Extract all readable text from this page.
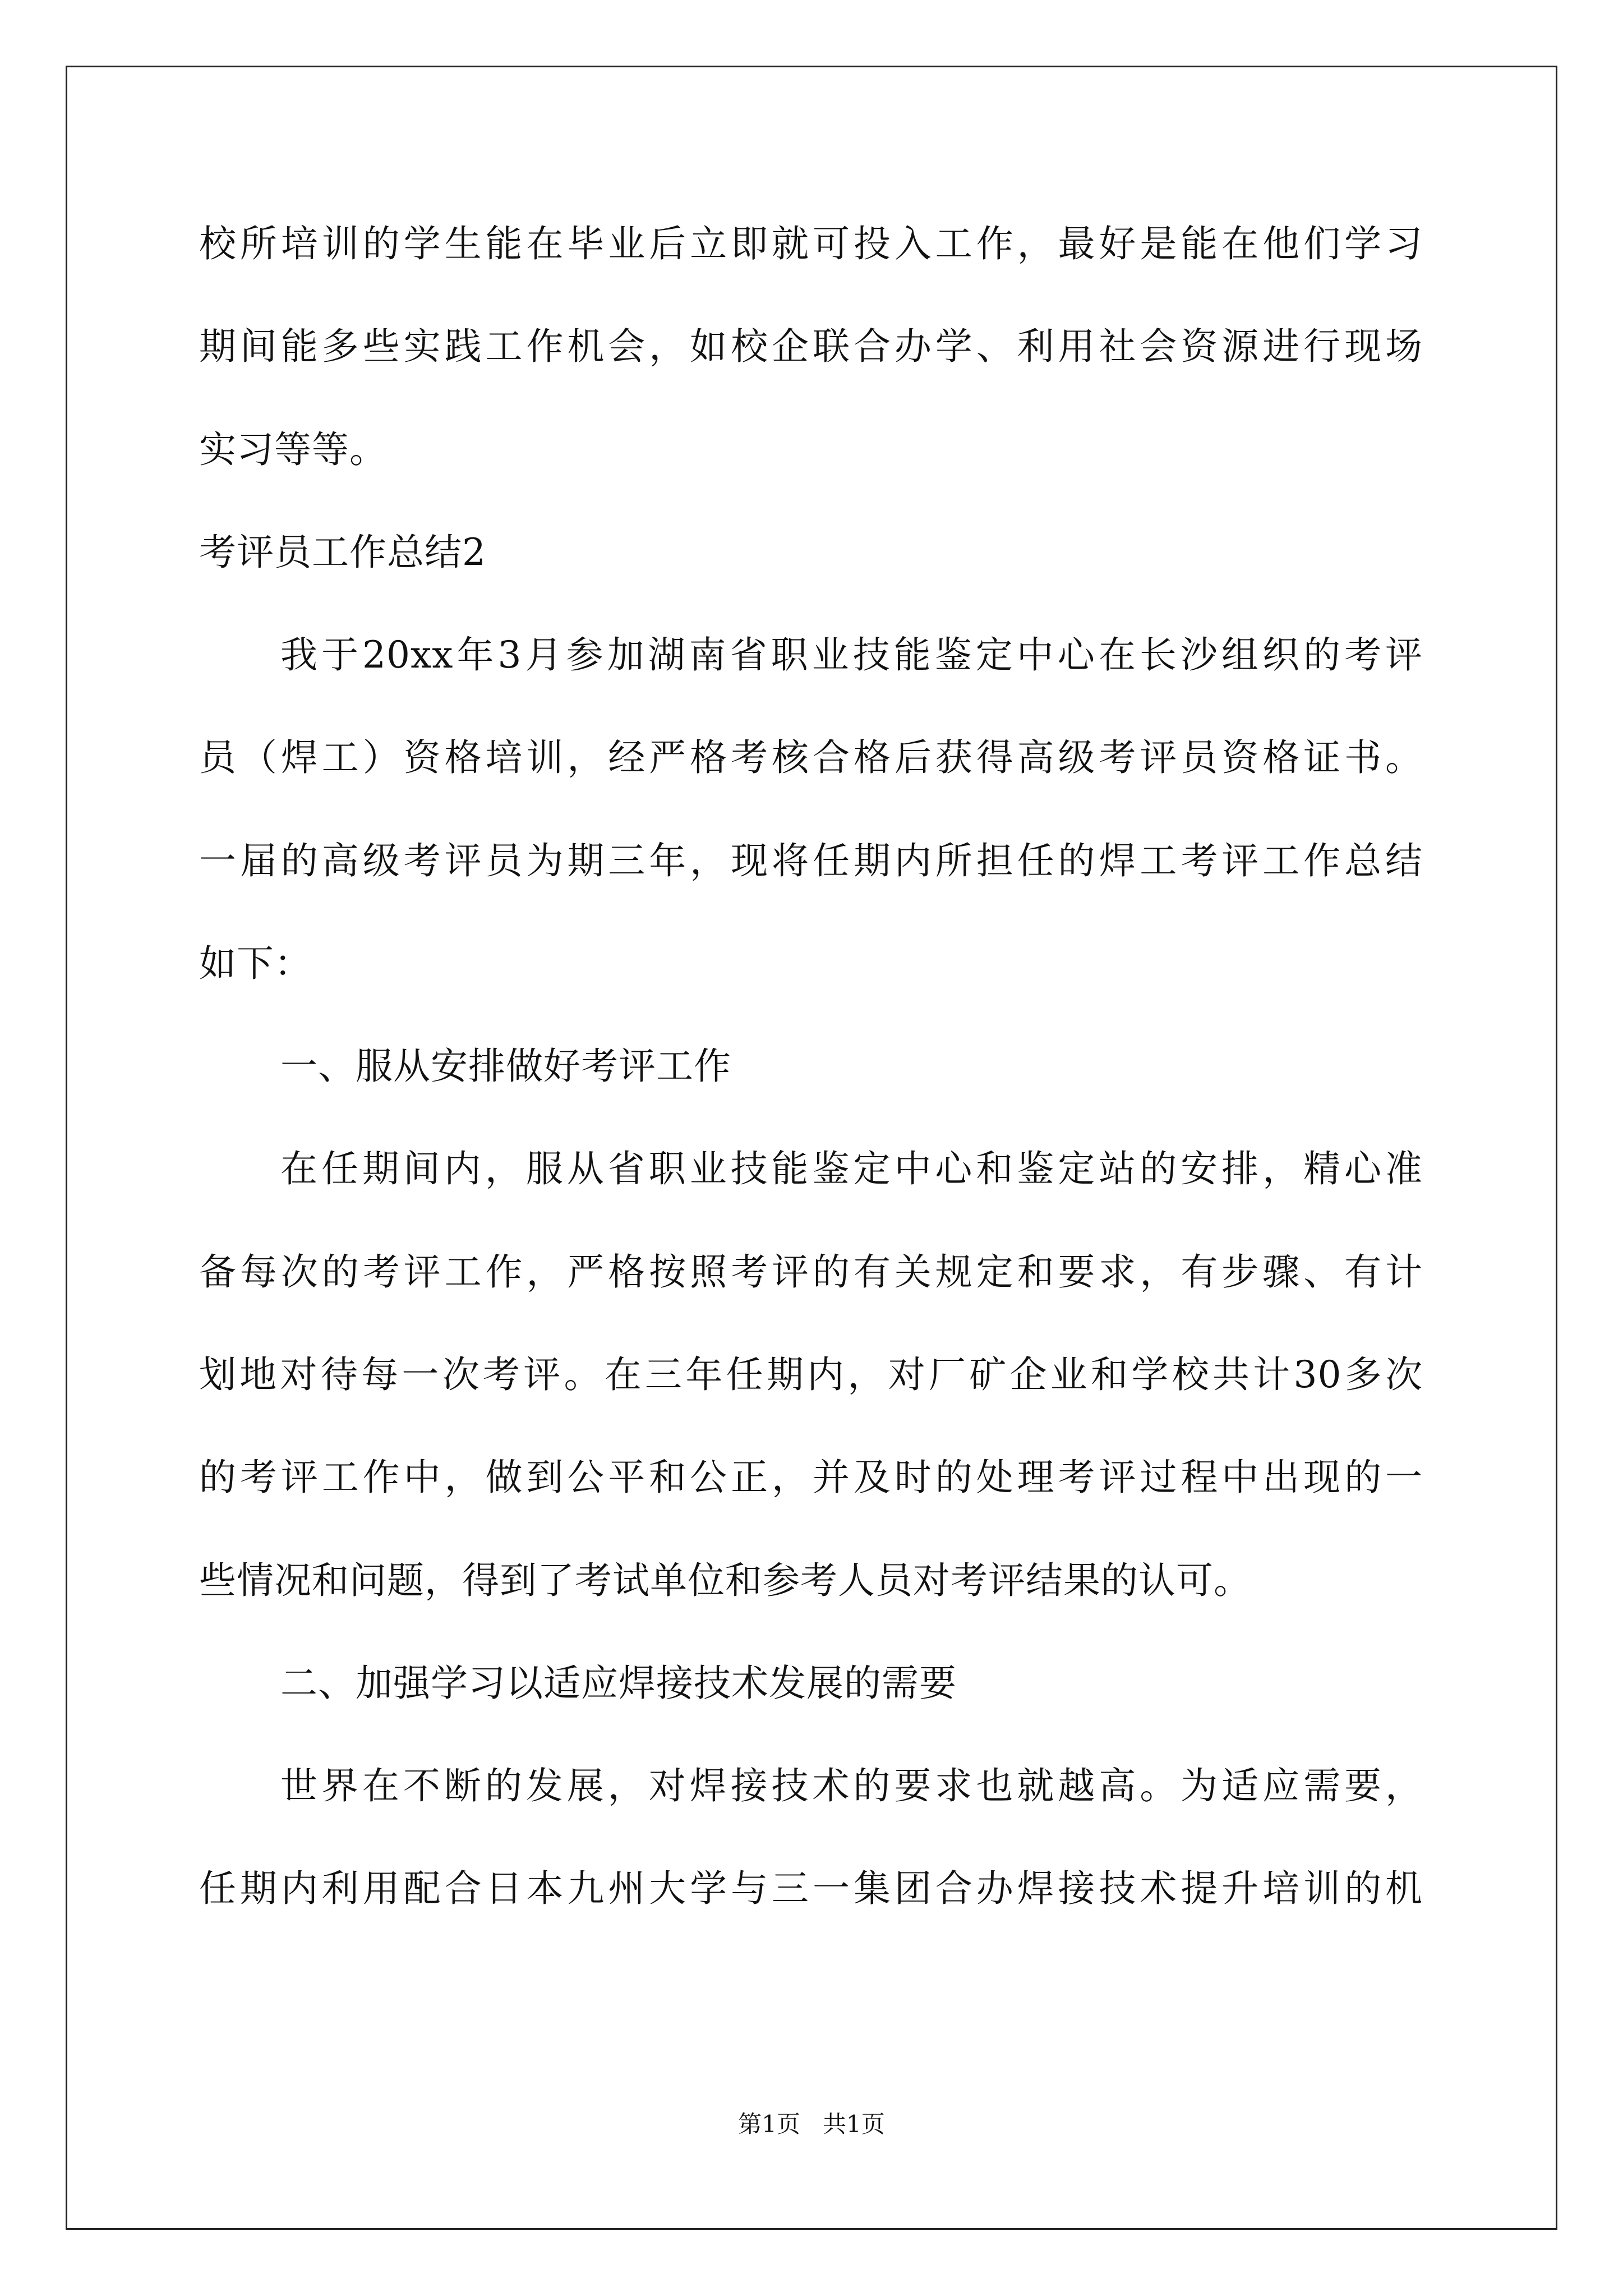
校所培训的学生能在毕业后立即就可投入工作，最好是能在他们学习
期间能多些实践工作机会，如校企联合办学、利用社会资源进行现场
实习等等。
考评员工作总结2
我于20xx年3月参加湖南省职业技能鉴定中心在长沙组织的考评
员（焊工）资格培训，经严格考核合格后获得高级考评员资格证书。
一届的高级考评员为期三年，现将任期内所担任的焊工考评工作总结
如下：
一、服从安排做好考评工作
在任期间内，服从省职业技能鉴定中心和鉴定站的安排，精心准
备每次的考评工作，严格按照考评的有关规定和要求，有步骤、有计
划地对待每一次考评。在三年任期内，对厂矿企业和学校共计30多次
的考评工作中，做到公平和公正，并及时的处理考评过程中出现的一
些情况和问题，得到了考试单位和参考人员对考评结果的认可。
二、加强学习以适应焊接技术发展的需要
世界在不断的发展，对焊接技术的要求也就越高。为适应需要，
任期内利用配合日本九州大学与三一集团合办焊接技术提升培训的机
第1页   共1页
